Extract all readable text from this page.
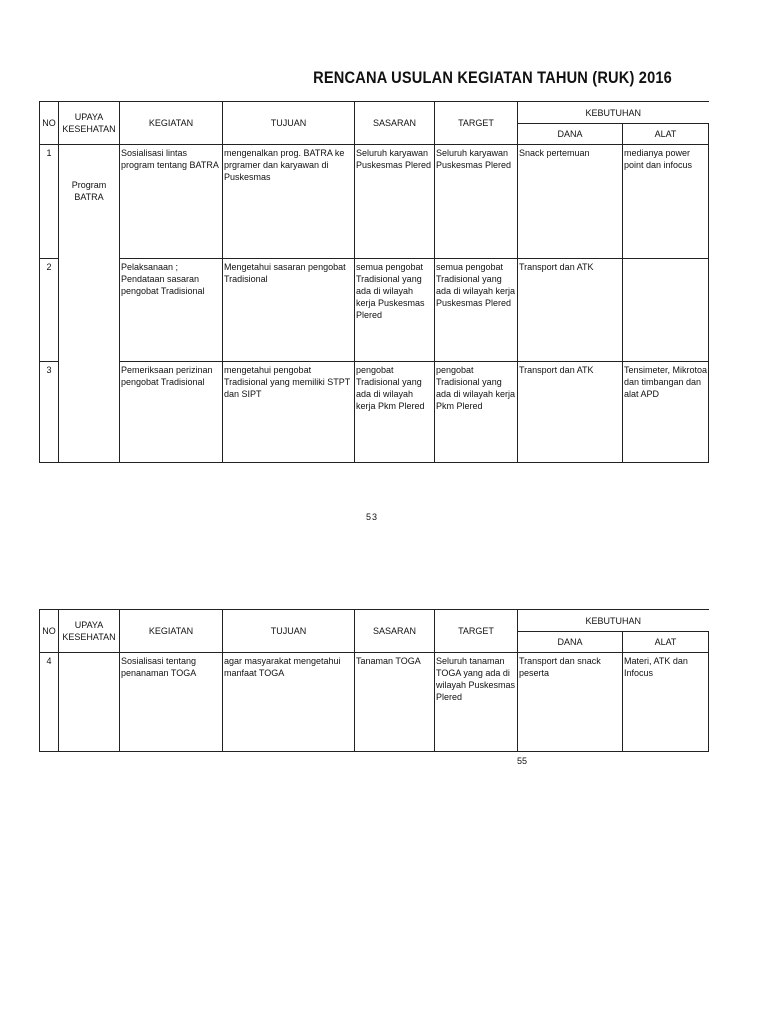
RENCANA USULAN KEGIATAN TAHUN (RUK) 2016
NO	UPAYA KESEHATAN	KEGIATAN	TUJUAN	SASARAN	TARGET	KEBUTUHAN	
						DANA	ALAT
1	Program BATRA	Sosialisasi lintas program tentang BATRA	mengenalkan prog. BATRA ke prgramer dan karyawan di Puskesmas	Seluruh karyawan Puskesmas Plered	Seluruh karyawan Puskesmas Plered	Snack pertemuan	medianya power point dan infocus
2		Pelaksanaan ; Pendataan sasaran pengobat Tradisional	Mengetahui sasaran pengobat Tradisional	semua pengobat Tradisional yang ada di wilayah kerja Puskesmas Plered	semua pengobat Tradisional yang ada di wilayah kerja Puskesmas Plered	Transport dan ATK	
3		Pemeriksaan perizinan pengobat Tradisional	mengetahui pengobat Tradisional yang memiliki STPT dan SIPT	pengobat Tradisional yang ada di wilayah kerja Pkm Plered	pengobat Tradisional yang ada di wilayah kerja Pkm Plered	Transport dan ATK	Tensimeter, Mikrotoa dan timbangan dan alat APD
53
NO	UPAYA KESEHATAN	KEGIATAN	TUJUAN	SASARAN	TARGET	KEBUTUHAN	
						DANA	ALAT
4		Sosialisasi tentang penanaman TOGA	agar masyarakat mengetahui manfaat TOGA	Tanaman TOGA	Seluruh tanaman TOGA yang ada di wilayah Puskesmas Plered	Transport dan snack peserta	Materi, ATK dan Infocus
55
